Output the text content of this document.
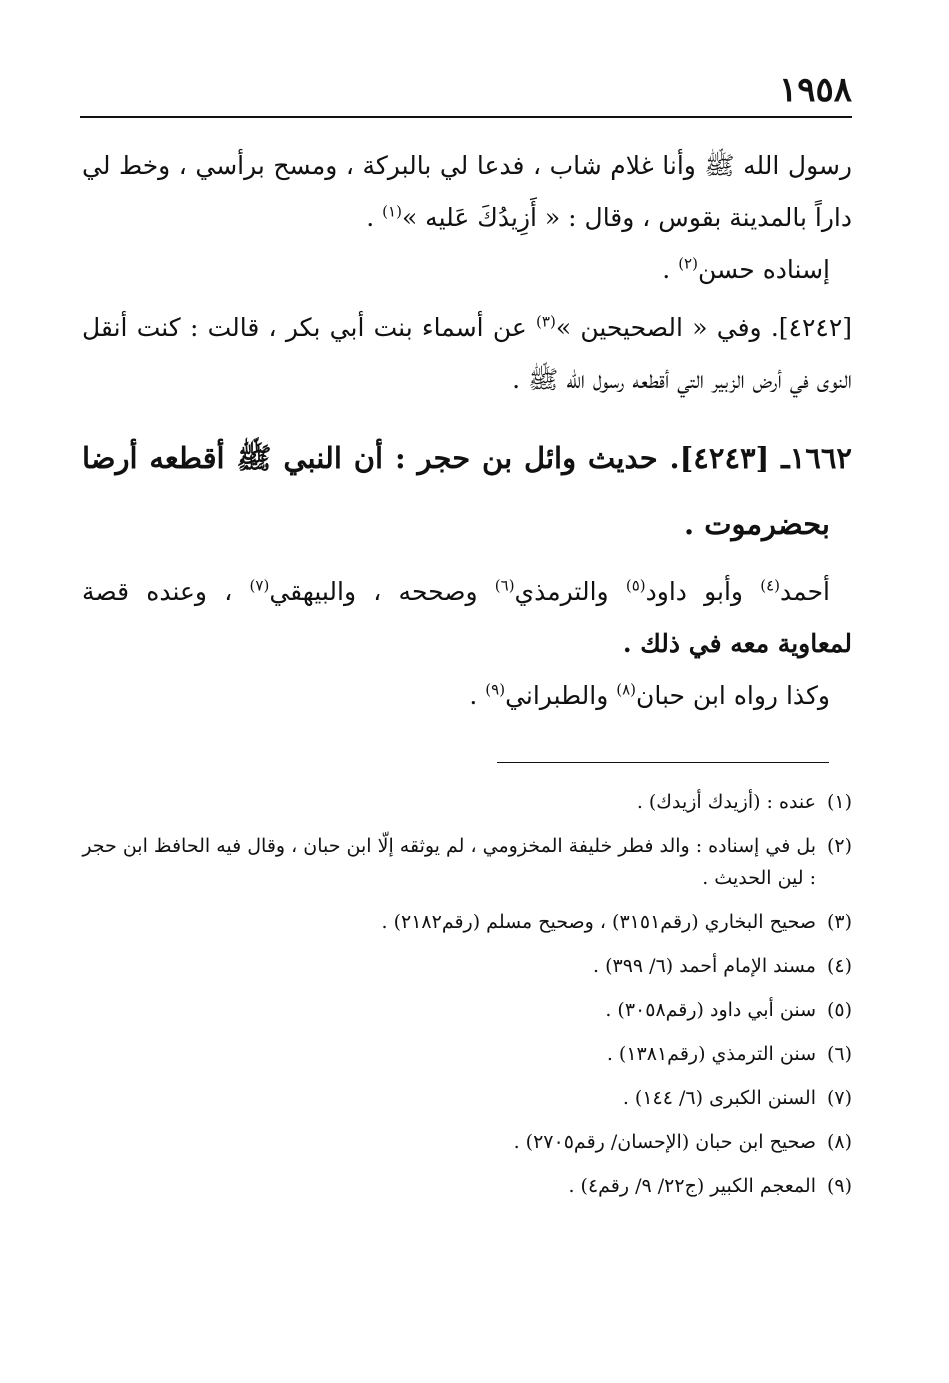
١٩٥٨
رسول الله ﷺ وأنا غلام شاب ، فدعا لي بالبركة ، ومسح برأسي ، وخط لي
داراً بالمدينة بقوس ، وقال : « أَزِيدُكَ عَليه »$^{(١)}$ .
إسناده حسن$^{(٢)}$ .
[٤٢٤٢]. وفي « الصحيحين »$^{(٣)}$ عن أسماء بنت أبي بكر ، قالت : كنت أنقل
النوى في أرض الزبير التي أقطعه رسول الله ﷺ .
١٦٦٢ـ [٤٢٤٣]. حديث وائل بن حجر : أن النبي ﷺ أقطعه أرضا
بحضرموت .
أحمد$^{(٤)}$ وأبو داود$^{(٥)}$ والترمذي$^{(٦)}$ وصححه ، والبيهقي$^{(٧)}$ ، وعنده قصة
لمعاوية معه في ذلك .
وكذا رواه ابن حبان$^{(٨)}$ والطبراني$^{(٩)}$ .
(١)
عنده : (أزيدك أزيدك) .
(٢)
بل في إسناده : والد فطر خليفة المخزومي ، لم يوثقه إلّا ابن حبان ، وقال فيه الحافظ ابن حجر : لين الحديث .
(٣)
صحيح البخاري (رقم٣١٥١) ، وصحيح مسلم (رقم٢١٨٢) .
(٤)
مسند الإمام أحمد (٦/ ٣٩٩) .
(٥)
سنن أبي داود (رقم٣٠٥٨) .
(٦)
سنن الترمذي (رقم١٣٨١) .
(٧)
السنن الكبرى (٦/ ١٤٤) .
(٨)
صحيح ابن حبان (الإحسان/ رقم٢٧٠٥) .
(٩)
المعجم الكبير (ج٢٢/ ٩/ رقم٤) .
